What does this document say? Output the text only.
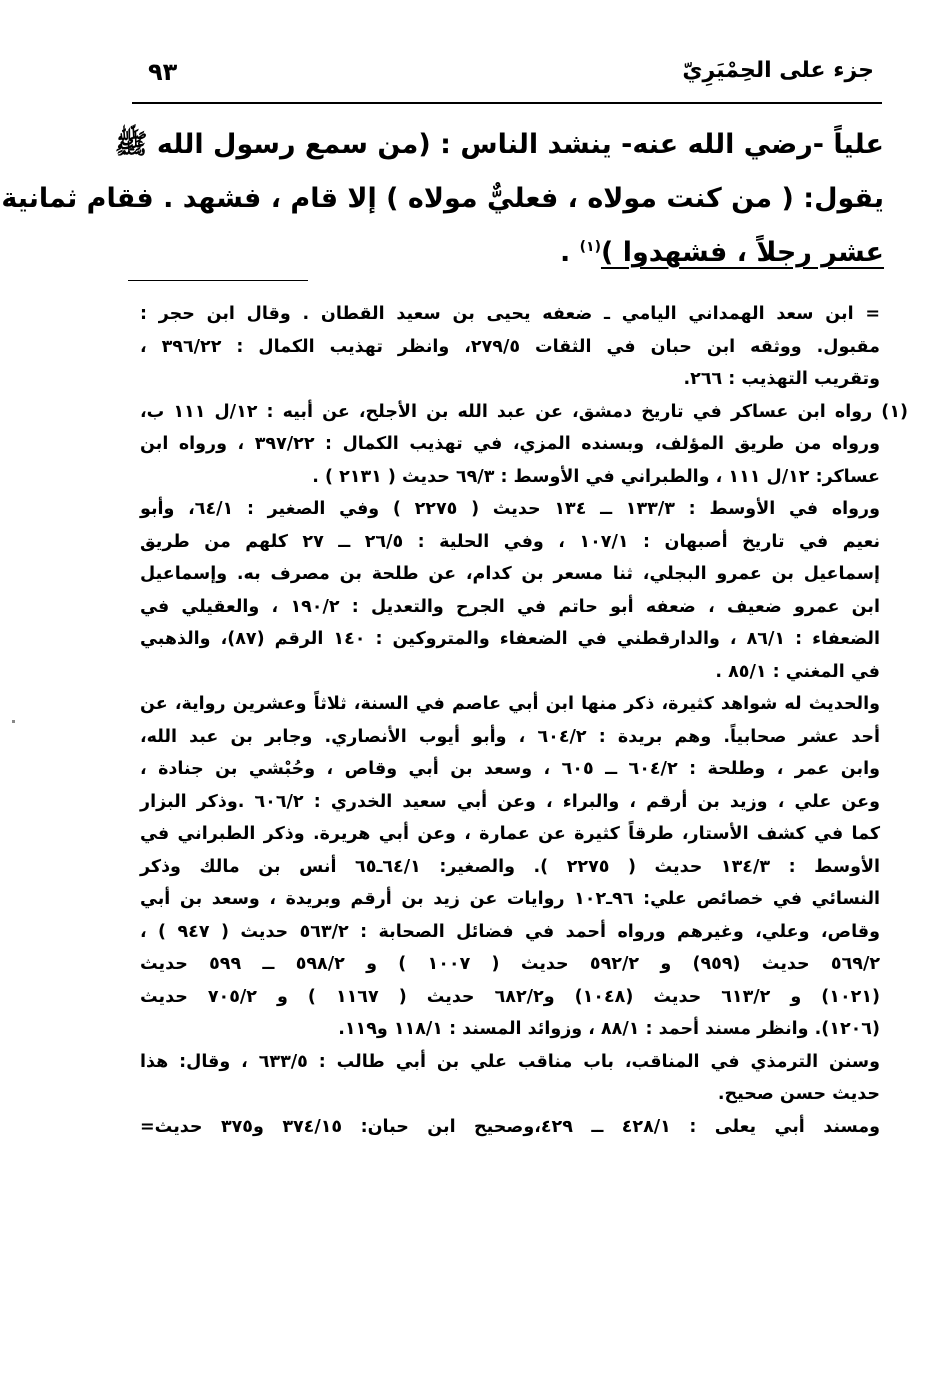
جزء على الحِمْيَرِيّ
٩٣
علياً -رضي الله عنه- ينشد الناس : (من سمع رسول الله ﷺ
يقول: ( من كنت مولاه ، فعليٌّ مولاه ) إلا قام ، فشهد . فقام ثمانية
عشر رجلاً ، فشهدوا )$^{(١)}$ .
= ابن سعد الهمداني اليامي ـ ضعفه يحيى بن سعيد القطان . وقال ابن حجر :
مقبول. ووثقه ابن حبان في الثقات ٢٧٩/٥، وانظر تهذيب الكمال : ٣٩٦/٢٢ ،
وتقريب التهذيب : ٢٦٦.
(١) رواه ابن عساكر في تاريخ دمشق، عن عبد الله بن الأجلح، عن أبيه : ١٢/ل ١١١ ب،
ورواه من طريق المؤلف، وبسنده المزي، في تهذيب الكمال : ٣٩٧/٢٢ ، ورواه ابن
عساكر: ١٢/ل ١١١ ، والطبراني في الأوسط : ٦٩/٣ حديث ( ٢١٣١ ) .
ورواه في الأوسط : ١٣٣/٣ ــ ١٣٤ حديث ( ٢٢٧٥ ) وفي الصغير : ٦٤/١، وأبو
نعيم في تاريخ أصبهان : ١٠٧/١ ، وفي الحلية : ٢٦/٥ ــ ٢٧ كلهم من طريق
إسماعيل بن عمرو البجلي، ثنا مسعر بن كدام، عن طلحة بن مصرف به. وإسماعيل
ابن عمرو ضعيف ، ضعفه أبو حاتم في الجرح والتعديل : ١٩٠/٢ ، والعقيلي في
الضعفاء : ٨٦/١ ، والدارقطني في الضعفاء والمتروكين : ١٤٠ الرقم (٨٧)، والذهبي
في المغني : ٨٥/١ .
والحديث له شواهد كثيرة، ذكر منها ابن أبي عاصم في السنة، ثلاثاً وعشرين رواية، عن
أحد عشر صحابياً. وهم بريدة : ٦٠٤/٢ ، وأبو أيوب الأنصاري. وجابر بن عبد الله،
وابن عمر ، وطلحة : ٦٠٤/٢ ــ ٦٠٥ ، وسعد بن أبي وقاص ، وحُبْشي بن جنادة ،
وعن علي ، وزيد بن أرقم ، والبراء ، وعن أبي سعيد الخدري : ٦٠٦/٢ .وذكر البزار
كما في كشف الأستار، طرقاً كثيرة عن عمارة ، وعن أبي هريرة. وذكر الطبراني في
الأوسط : ١٣٤/٣ حديث ( ٢٢٧٥ ). والصغير: ٦٤/١ـ٦٥ أنس بن مالك وذكر
النسائي في خصائص علي: ٩٦ـ١٠٢ روايات عن زيد بن أرقم وبريدة ، وسعد بن أبي
وقاص، وعلي، وغيرهم ورواه أحمد في فضائل الصحابة : ٥٦٣/٢ حديث ( ٩٤٧ ) ،
٥٦٩/٢ حديث (٩٥٩) و ٥٩٢/٢ حديث ( ١٠٠٧ ) و ٥٩٨/٢ ــ ٥٩٩ حديث
(١٠٢١) و ٦١٣/٢ حديث (١٠٤٨) و٦٨٢/٢ حديث ( ١١٦٧ ) و ٧٠٥/٢ حديث
(١٢٠٦). وانظر مسند أحمد : ٨٨/١ ، وزوائد المسند : ١١٨/١ و١١٩.
وسنن الترمذي في المناقب، باب مناقب علي بن أبي طالب : ٦٣٣/٥ ، وقال: هذا
حديث حسن صحيح.
ومسند أبي يعلى : ٤٢٨/١ ــ ٤٢٩،وصحيح ابن حبان: ٣٧٤/١٥ و٣٧٥ حديث=
